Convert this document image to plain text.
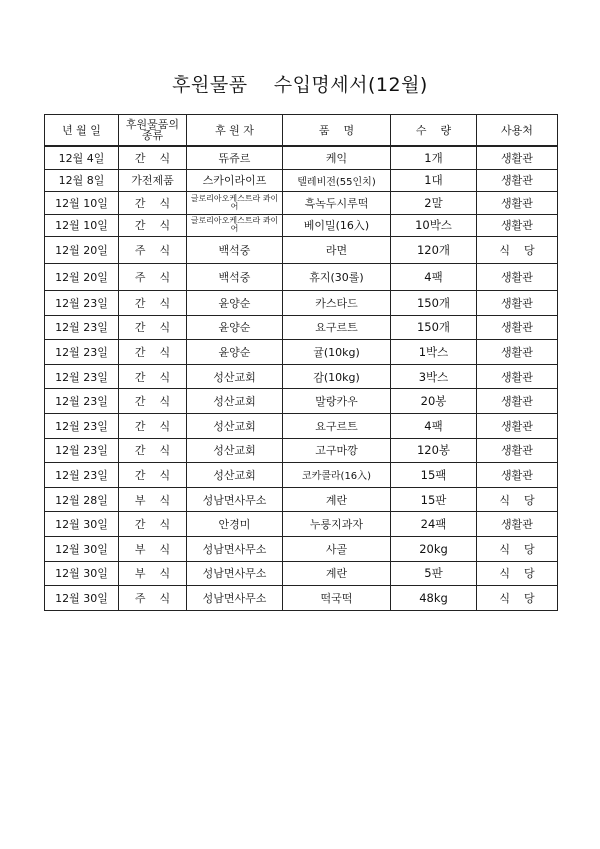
후원물품    수입명세서(12월)
년 월 일	후원물품의 종류	후 원 자	품    명	수    량	사용처
12월 4일	간    식	뜌쥬르	케익	1개	생활관
12월 8일	가전제품	스카이라이프	텔레비전(55인치)	1대	생활관
12월 10일	간    식	글로리아오케스트라 콰이어	흑녹두시루떡	2말	생활관
12월 10일	간    식	글로리아오케스트라 콰이어	베이밀(16入)	10박스	생활관
12월 20일	주    식	백석중	라면	120개	식    당
12월 20일	주    식	백석중	휴지(30롤)	4팩	생활관
12월 23일	간    식	윤양순	카스타드	150개	생활관
12월 23일	간    식	윤양순	요구르트	150개	생활관
12월 23일	간    식	윤양순	귤(10kg)	1박스	생활관
12월 23일	간    식	성산교회	감(10kg)	3박스	생활관
12월 23일	간    식	성산교회	말랑카우	20봉	생활관
12월 23일	간    식	성산교회	요구르트	4팩	생활관
12월 23일	간    식	성산교회	고구마깡	120봉	생활관
12월 23일	간    식	성산교회	코카콜라(16入)	15팩	생활관
12월 28일	부    식	성남면사무소	계란	15판	식    당
12월 30일	간    식	안경미	누룽지과자	24팩	생활관
12월 30일	부    식	성남면사무소	사골	20kg	식    당
12월 30일	부    식	성남면사무소	계란	5판	식    당
12월 30일	주    식	성남면사무소	떡국떡	48kg	식    당
